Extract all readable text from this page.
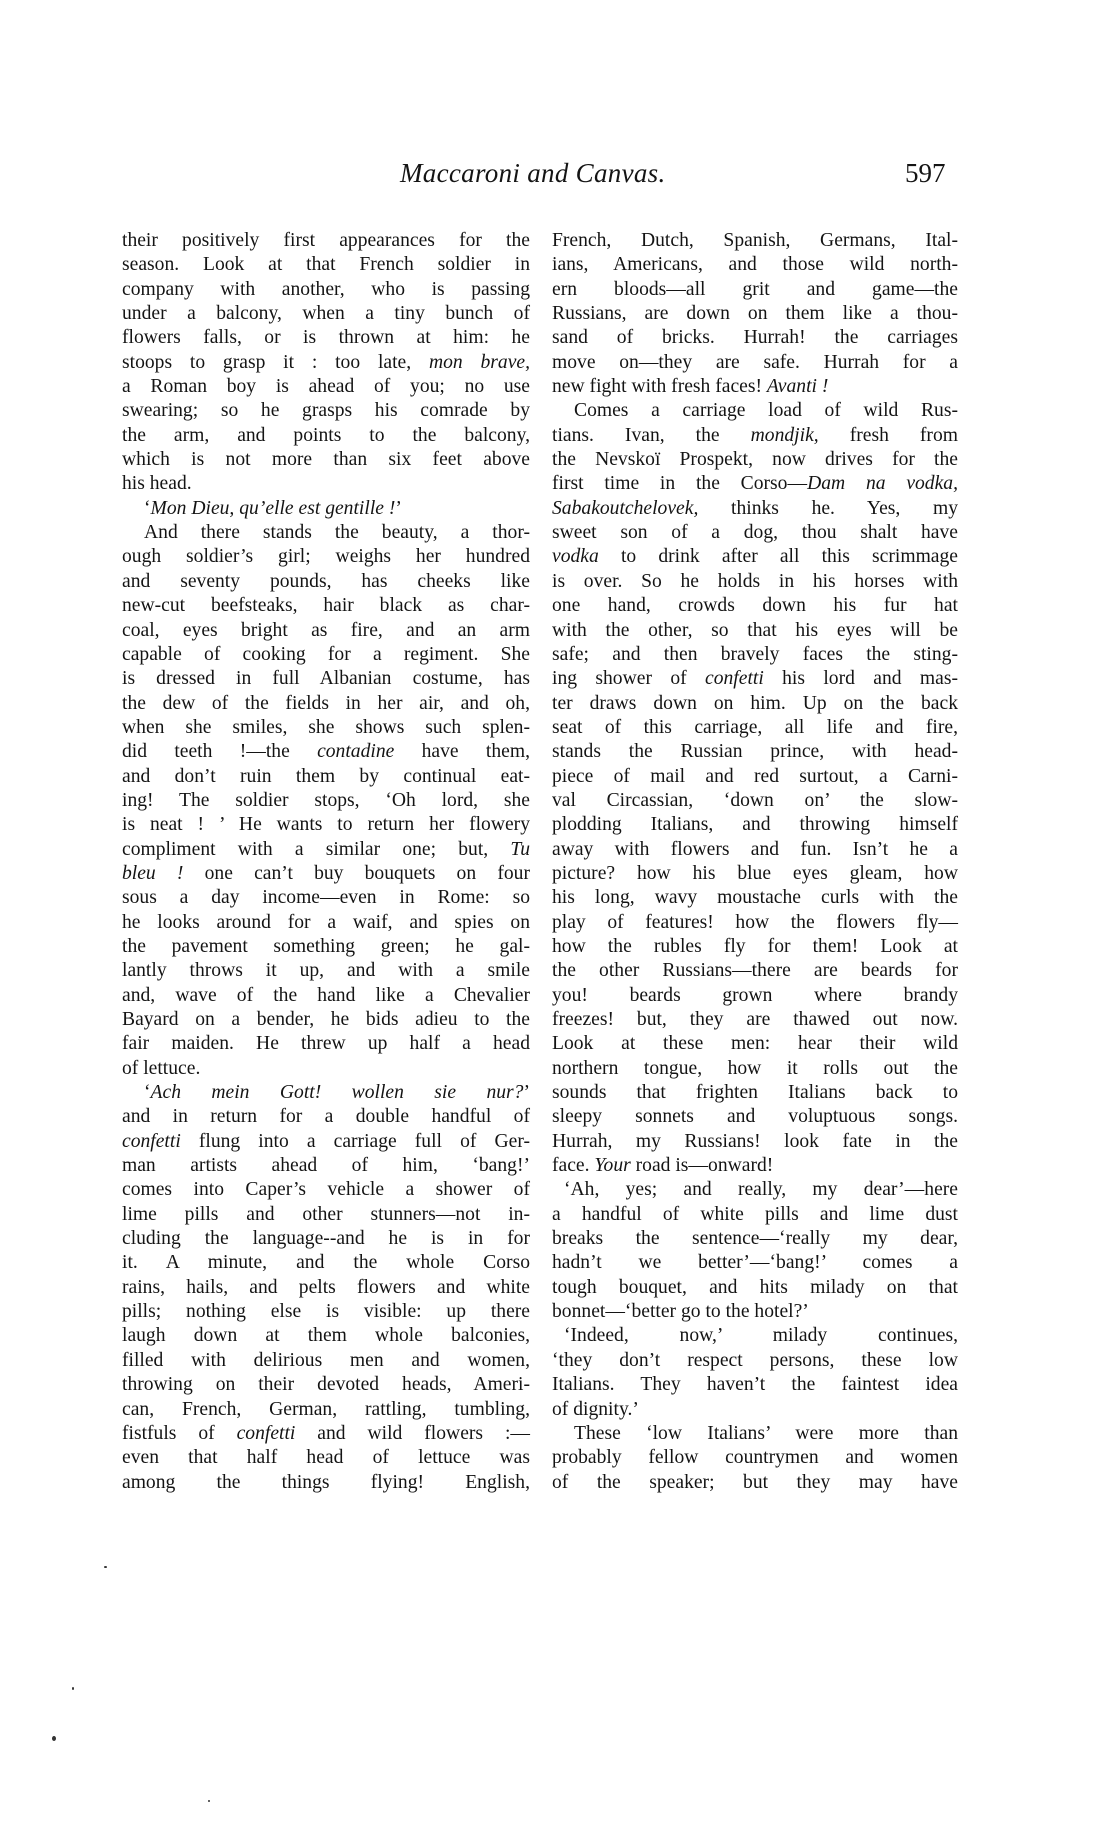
Maccaroni and Canvas.	597
their positively first appearances for the
season. Look at that French soldier in
company with another, who is passing
under a balcony, when a tiny bunch of
flowers falls, or is thrown at him: he
stoops to grasp it : too late, mon brave,
a Roman boy is ahead of you; no use
swearing; so he grasps his comrade by
the arm, and points to the balcony,
which is not more than six feet above
his head.
‘Mon Dieu, qu’elle est gentille !’
And there stands the beauty, a thor-
ough soldier’s girl; weighs her hundred
and seventy pounds, has cheeks like
new-cut beefsteaks, hair black as char-
coal, eyes bright as fire, and an arm
capable of cooking for a regiment. She
is dressed in full Albanian costume, has
the dew of the fields in her air, and oh,
when she smiles, she shows such splen-
did teeth !—the contadine have them,
and don’t ruin them by continual eat-
ing! The soldier stops, ‘Oh lord, she
is neat ! ’ He wants to return her flowery
compliment with a similar one; but, Tu
bleu ! one can’t buy bouquets on four
sous a day income—even in Rome: so
he looks around for a waif, and spies on
the pavement something green; he gal-
lantly throws it up, and with a smile
and, wave of the hand like a Chevalier
Bayard on a bender, he bids adieu to the
fair maiden. He threw up half a head
of lettuce.
‘Ach mein Gott! wollen sie nur?’
and in return for a double handful of
confetti flung into a carriage full of Ger-
man artists ahead of him, ‘bang!’
comes into Caper’s vehicle a shower of
lime pills and other stunners—not in-
cluding the language--and he is in for
it. A minute, and the whole Corso
rains, hails, and pelts flowers and white
pills; nothing else is visible: up there
laugh down at them whole balconies,
filled with delirious men and women,
throwing on their devoted heads, Ameri-
can, French, German, rattling, tumbling,
fistfuls of confetti and wild flowers :—
even that half head of lettuce was
among the things flying! English,
French, Dutch, Spanish, Germans, Ital-
ians, Americans, and those wild north-
ern bloods—all grit and game—the
Russians, are down on them like a thou-
sand of bricks. Hurrah! the carriages
move on—they are safe. Hurrah for a
new fight with fresh faces! Avanti !
Comes a carriage load of wild Rus-
tians. Ivan, the mondjik, fresh from
the Nevskoï Prospekt, now drives for the
first time in the Corso—Dam na vodka,
Sabakoutchelovek, thinks he. Yes, my
sweet son of a dog, thou shalt have
vodka to drink after all this scrimmage
is over. So he holds in his horses with
one hand, crowds down his fur hat
with the other, so that his eyes will be
safe; and then bravely faces the sting-
ing shower of confetti his lord and mas-
ter draws down on him. Up on the back
seat of this carriage, all life and fire,
stands the Russian prince, with head-
piece of mail and red surtout, a Carni-
val Circassian, ‘down on’ the slow-
plodding Italians, and throwing himself
away with flowers and fun. Isn’t he a
picture? how his blue eyes gleam, how
his long, wavy moustache curls with the
play of features! how the flowers fly—
how the rubles fly for them! Look at
the other Russians—there are beards for
you! beards grown where brandy
freezes! but, they are thawed out now.
Look at these men: hear their wild
northern tongue, how it rolls out the
sounds that frighten Italians back to
sleepy sonnets and voluptuous songs.
Hurrah, my Russians! look fate in the
face. Your road is—onward!
‘Ah, yes; and really, my dear’—here
a handful of white pills and lime dust
breaks the sentence—‘really my dear,
hadn’t we better’—‘bang!’ comes a
tough bouquet, and hits milady on that
bonnet—‘better go to the hotel?’
‘Indeed, now,’ milady continues,
‘they don’t respect persons, these low
Italians. They haven’t the faintest idea
of dignity.’
These ‘low Italians’ were more than
probably fellow countrymen and women
of the speaker; but they may have
